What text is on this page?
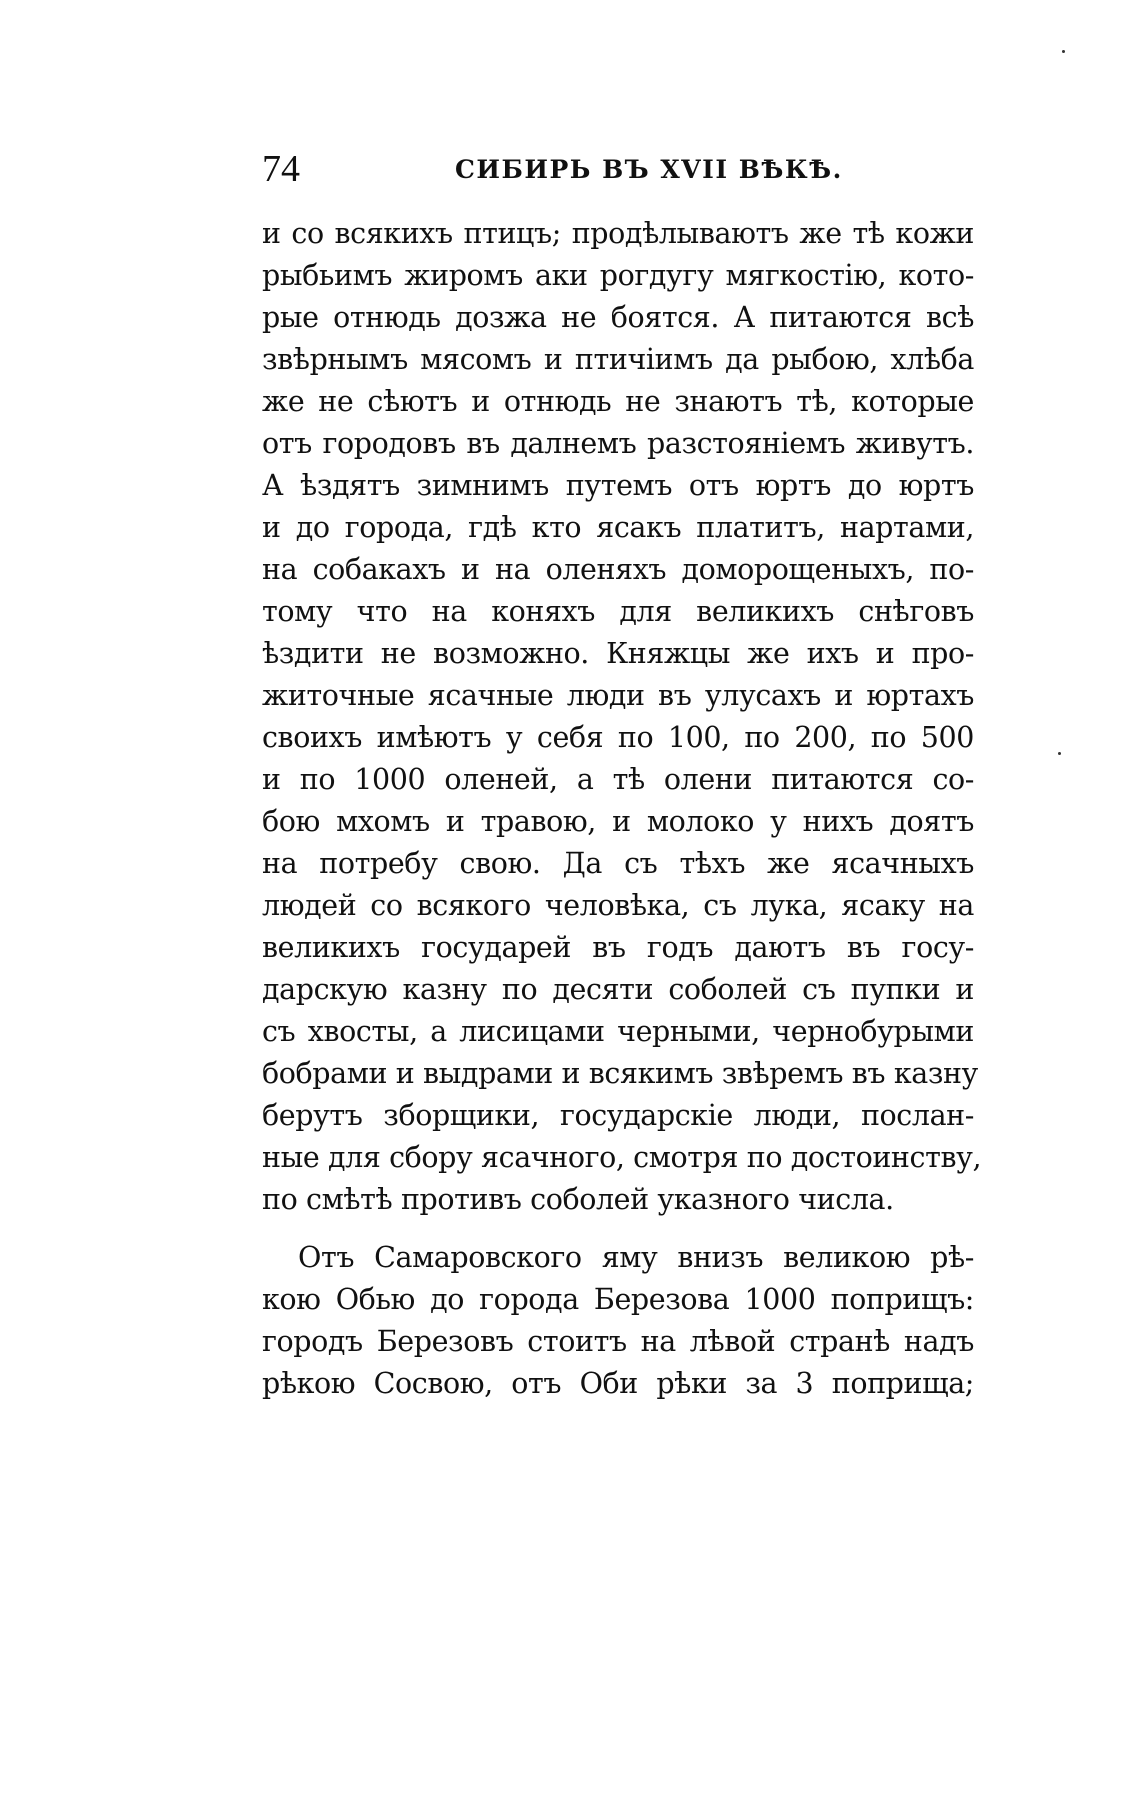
74	СИБИРЬ ВЪ XVII ВѢКѢ.
и со всякихъ птицъ; продѣлываютъ же тѣ кожи
рыбьимъ жиромъ аки рогдугу мягкостію, кото-
рые отнюдь дозжа не боятся. А питаются всѣ
звѣрнымъ мясомъ и птичіимъ да рыбою, хлѣба
же не сѣютъ и отнюдь не знаютъ тѣ, которые
отъ городовъ въ далнемъ разстояніемъ живутъ.
А ѣздятъ зимнимъ путемъ отъ юртъ до юртъ
и до города, гдѣ кто ясакъ платитъ, нартами,
на собакахъ и на оленяхъ доморощеныхъ, по-
тому что на коняхъ для великихъ снѣговъ
ѣздити не возможно. Княжцы же ихъ и про-
житочные ясачные люди въ улусахъ и юртахъ
своихъ имѣютъ у себя по 100, по 200, по 500
и по 1000 оленей, а тѣ олени питаются со-
бою мхомъ и травою, и молоко у нихъ доятъ
на потребу свою. Да съ тѣхъ же ясачныхъ
людей со всякого человѣка, съ лука, ясаку на
великихъ государей въ годъ даютъ въ госу-
дарскую казну по десяти соболей съ пупки и
съ хвосты, а лисицами черными, чернобурыми
бобрами и выдрами и всякимъ звѣремъ въ казну
берутъ зборщики, государскіе люди, послан-
ные для сбору ясачного, смотря по достоинству,
по смѣтѣ противъ соболей указного числа.
Отъ Самаровского яму внизъ великою рѣ-
кою Обью до города Березова 1000 поприщъ:
городъ Березовъ стоитъ на лѣвой странѣ надъ
рѣкою Сосвою, отъ Оби рѣки за 3 поприща;
